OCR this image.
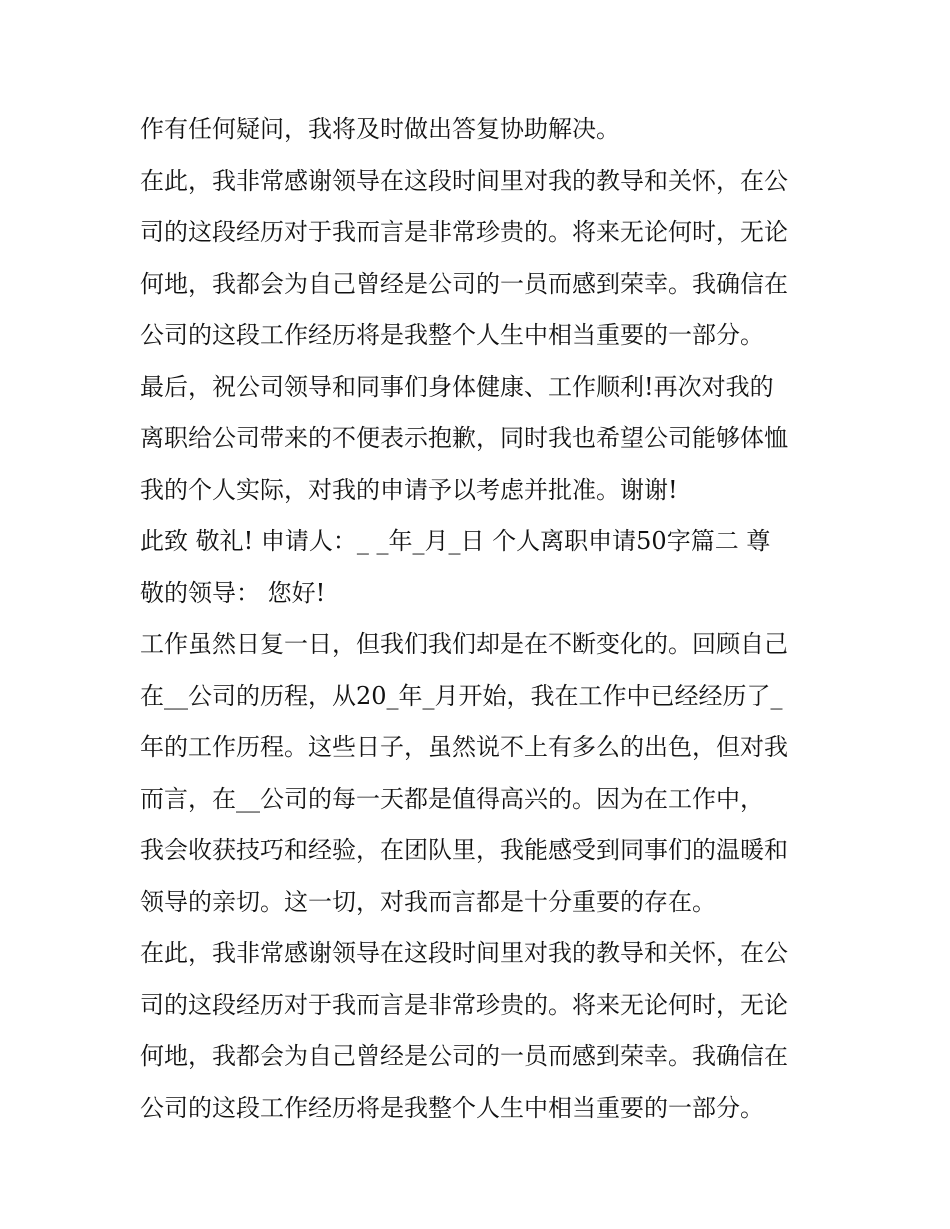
作有任何疑问，我将及时做出答复协助解决。
在此，我非常感谢领导在这段时间里对我的教导和关怀，在公
司的这段经历对于我而言是非常珍贵的。将来无论何时，无论
何地，我都会为自己曾经是公司的一员而感到荣幸。我确信在
公司的这段工作经历将是我整个人生中相当重要的一部分。
最后，祝公司领导和同事们身体健康、工作顺利!再次对我的
离职给公司带来的不便表示抱歉，同时我也希望公司能够体恤
我的个人实际，对我的申请予以考虑并批准。谢谢!
此致 敬礼! 申请人：_ _年_月_日 个人离职申请50字篇二 尊
敬的领导： 您好!
工作虽然日复一日，但我们我们却是在不断变化的。回顾自己
在__公司的历程，从20_年_月开始，我在工作中已经经历了_
年的工作历程。这些日子，虽然说不上有多么的出色，但对我
而言，在__公司的每一天都是值得高兴的。因为在工作中，
我会收获技巧和经验，在团队里，我能感受到同事们的温暖和
领导的亲切。这一切，对我而言都是十分重要的存在。
在此，我非常感谢领导在这段时间里对我的教导和关怀，在公
司的这段经历对于我而言是非常珍贵的。将来无论何时，无论
何地，我都会为自己曾经是公司的一员而感到荣幸。我确信在
公司的这段工作经历将是我整个人生中相当重要的一部分。
